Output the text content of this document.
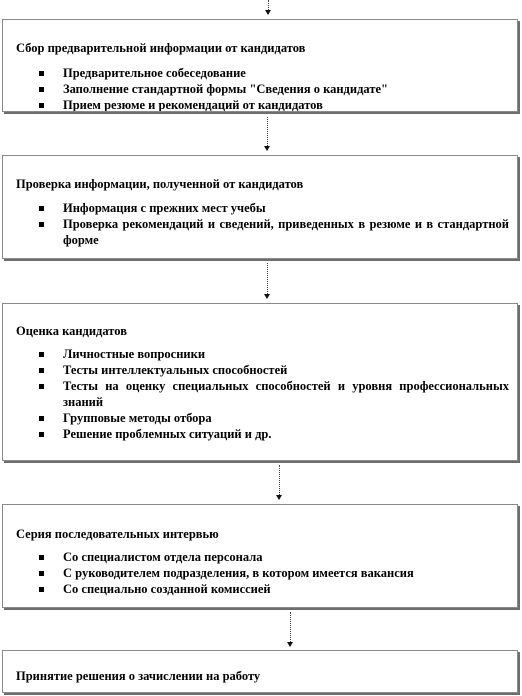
Сбор предварительной информации от кандидатов
Предварительное собеседование
Заполнение стандартной формы "Сведения о кандидате"
Прием резюме и рекомендаций от кандидатов
Проверка информации, полученной от кандидатов
Информация с прежних мест учебы
Проверка рекомендаций и сведений, приведенных в резюме и в стандартной форме
Оценка кандидатов
Личностные вопросники
Тесты интеллектуальных способностей
Тесты на оценку специальных способностей и уровня профессиональных знаний
Групповые методы отбора
Решение проблемных ситуаций и др.
Серия последовательных интервью
Со специалистом отдела персонала
С руководителем подразделения, в котором имеется вакансия
Со специально созданной комиссией
Принятие решения о зачислении на работу
